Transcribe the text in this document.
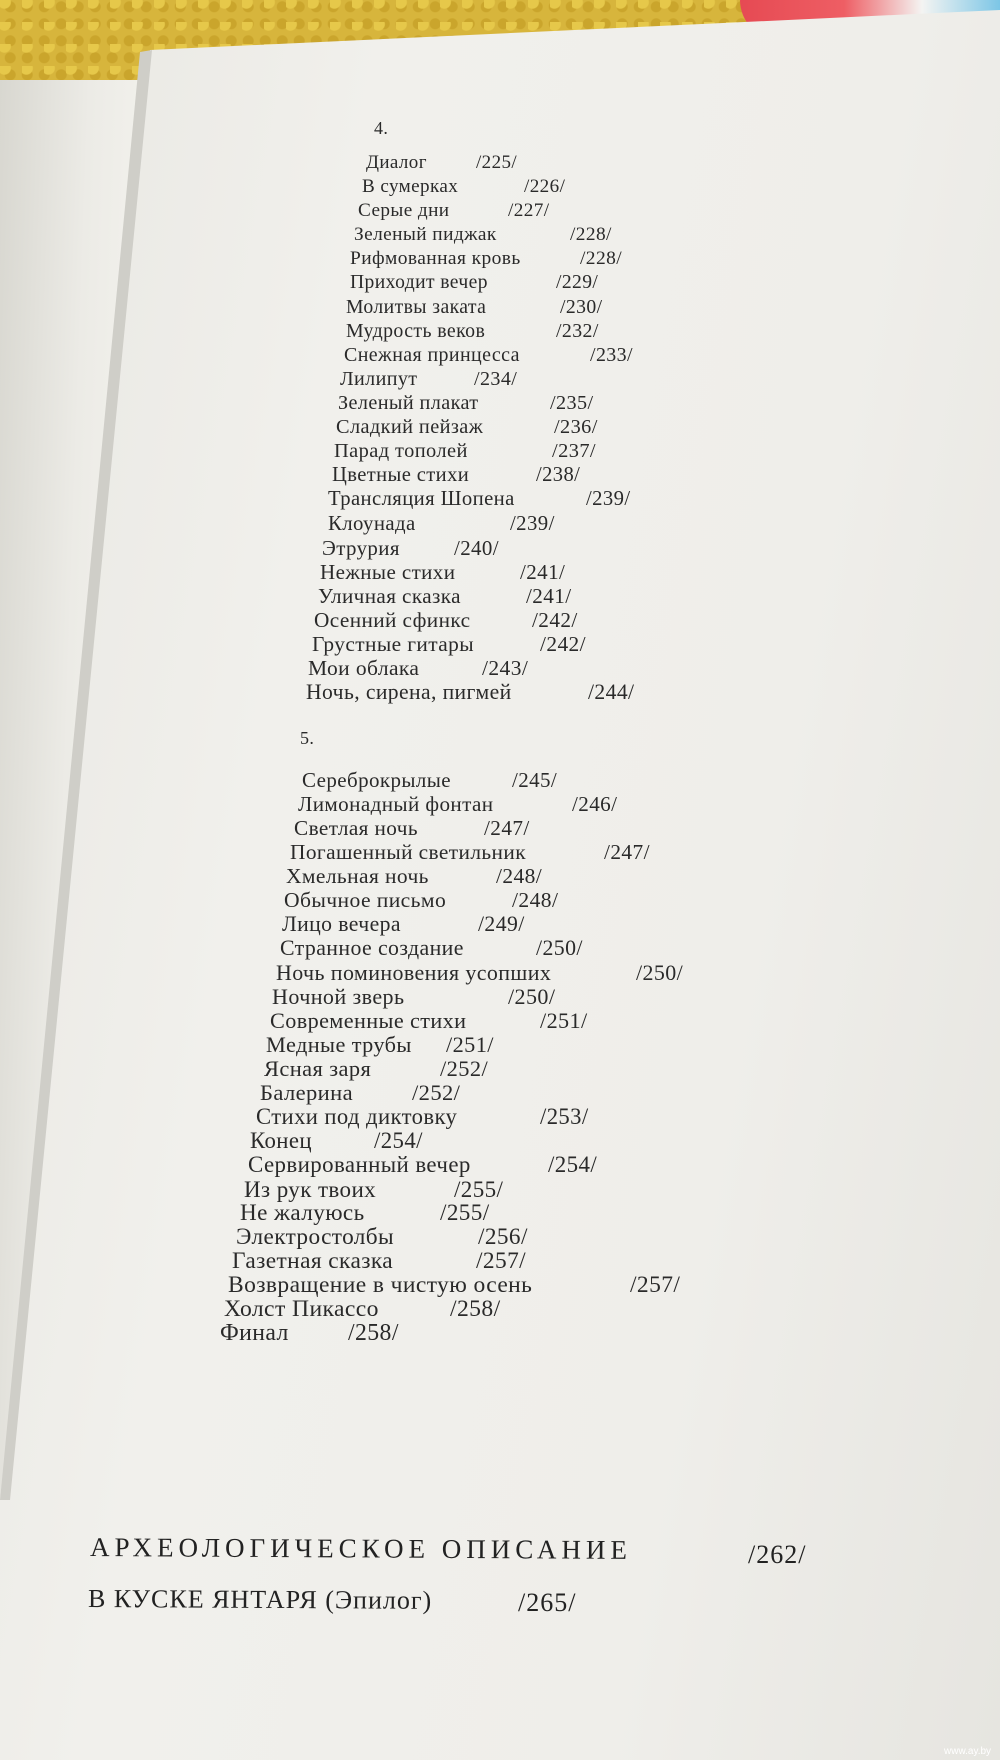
4.
Диалог	/225/
В сумерках	/226/
Серые дни	/227/
Зеленый пиджак	/228/
Рифмованная кровь	/228/
Приходит вечер	/229/
Молитвы заката	/230/
Мудрость веков	/232/
Снежная принцесса	/233/
Лилипут	/234/
Зеленый плакат	/235/
Сладкий пейзаж	/236/
Парад тополей	/237/
Цветные стихи	/238/
Трансляция Шопена	/239/
Клоунада	/239/
Этрурия	/240/
Нежные стихи	/241/
Уличная сказка	/241/
Осенний сфинкс	/242/
Грустные гитары	/242/
Мои облака	/243/
Ночь, сирена, пигмей	/244/
5.
Сереброкрылые	/245/
Лимонадный фонтан	/246/
Светлая ночь	/247/
Погашенный светильник	/247/
Хмельная ночь	/248/
Обычное письмо	/248/
Лицо вечера	/249/
Странное создание	/250/
Ночь поминовения усопших	/250/
Ночной зверь	/250/
Современные стихи	/251/
Медные трубы /251/
Ясная заря	/252/
Балерина	/252/
Стихи под диктовку	/253/
Конец	/254/
Сервированный вечер	/254/
Из рук твоих	/255/
Не жалуюсь	/255/
Электростолбы	/256/
Газетная сказка	/257/
Возвращение в чистую осень	/257/
Холст Пикассо	/258/
Финал /258/
АРХЕОЛОГИЧЕСКОЕ ОПИСАНИЕ	/262/
В КУСКЕ ЯНТАРЯ (Эпилог)	/265/
www.ay.by
